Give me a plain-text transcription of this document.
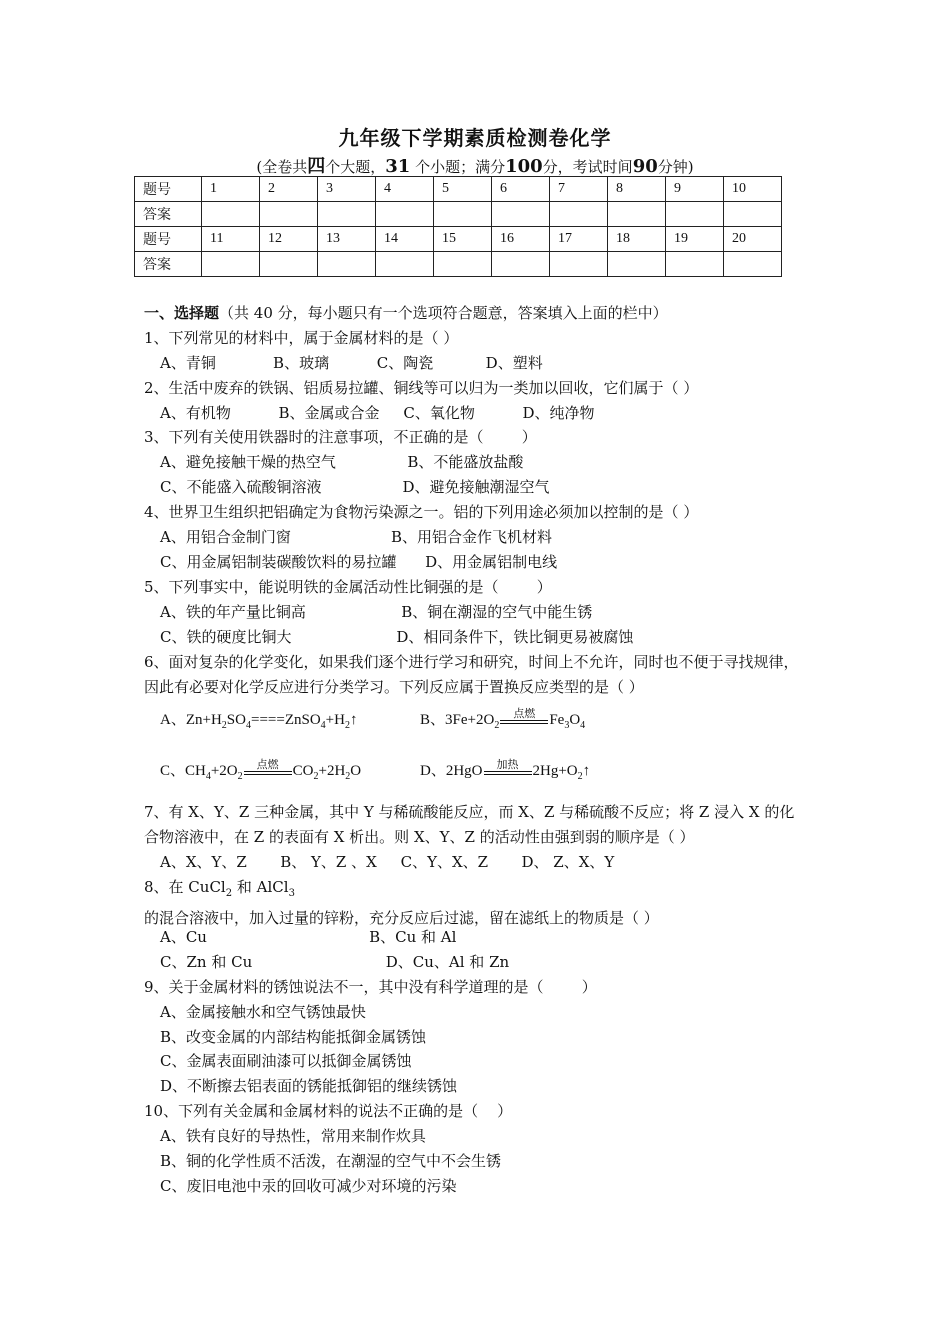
九年级下学期素质检测卷化学
(全卷共四个大题，31 个小题；满分100分，考试时间90分钟)
题号	1	2	3	4	5	6	7	8	9	10
答案										
题号	11	12	13	14	15	16	17	18	19	20
答案										
一、选择题（共 40 分，每小题只有一个选项符合题意，答案填入上面的栏中）
1、下列常见的材料中，属于金属材料的是（ ）
A、青铜            B、玻璃          C、陶瓷           D、塑料
2、生活中废弃的铁锅、铝质易拉罐、铜线等可以归为一类加以回收，它们属于（ ）
A、有机物          B、金属或合金     C、氧化物          D、纯净物
3、下列有关使用铁器时的注意事项，不正确的是（        ）
A、避免接触干燥的热空气               B、不能盛放盐酸
C、不能盛入硫酸铜溶液                 D、避免接触潮湿空气
4、世界卫生组织把铝确定为食物污染源之一。铝的下列用途必须加以控制的是（ ）
A、用铝合金制门窗                     B、用铝合金作飞机材料
C、用金属铝制装碳酸饮料的易拉罐      D、用金属铝制电线
5、下列事实中，能说明铁的金属活动性比铜强的是（        ）
A、铁的年产量比铜高                    B、铜在潮湿的空气中能生锈
C、铁的硬度比铜大                      D、相同条件下，铁比铜更易被腐蚀
6、面对复杂的化学变化，如果我们逐个进行学习和研究，时间上不允许，同时也不便于寻找规律，因此有必要对化学反应进行分类学习。下列反应属于置换反应类型的是（ ）
A、$Zn+H_2SO_4====ZnSO_4+H_2↑$	B、$3Fe+2O_2$
点燃 $Fe_3O_4$
C、$CH_4+2O_2$
点燃 $CO_2+2H_2O$	D、2HgO	加热 $2Hg+O_2↑$
7、有 X、Y、Z 三种金属，其中 Y 与稀硫酸能反应，而 X、Z 与稀硫酸不反应；将 Z 浸入 X 的化合物溶液中，在 Z 的表面有 X 析出。则 X、Y、Z 的活动性由强到弱的顺序是（ ）
A、X、Y、Z       B、 Y、Z 、X     C、Y、X、Z       D、 Z、X、Y
8、在 CuCl$_2$ 和 AlCl$_3$ 的混合溶液中，加入过量的锌粉，充分反应后过滤，留在滤纸上的物质是（ ）
A、Cu                                  B、Cu 和 Al
C、Zn 和 Cu                            D、Cu、Al 和 Zn
9、关于金属材料的锈蚀说法不一，其中没有科学道理的是（        ）
A、金属接触水和空气锈蚀最快
B、改变金属的内部结构能抵御金属锈蚀
C、金属表面刷油漆可以抵御金属锈蚀
D、不断擦去铝表面的锈能抵御铝的继续锈蚀
10、下列有关金属和金属材料的说法不正确的是（    ）
A、铁有良好的导热性，常用来制作炊具
B、铜的化学性质不活泼，在潮湿的空气中不会生锈
C、废旧电池中汞的回收可减少对环境的污染
